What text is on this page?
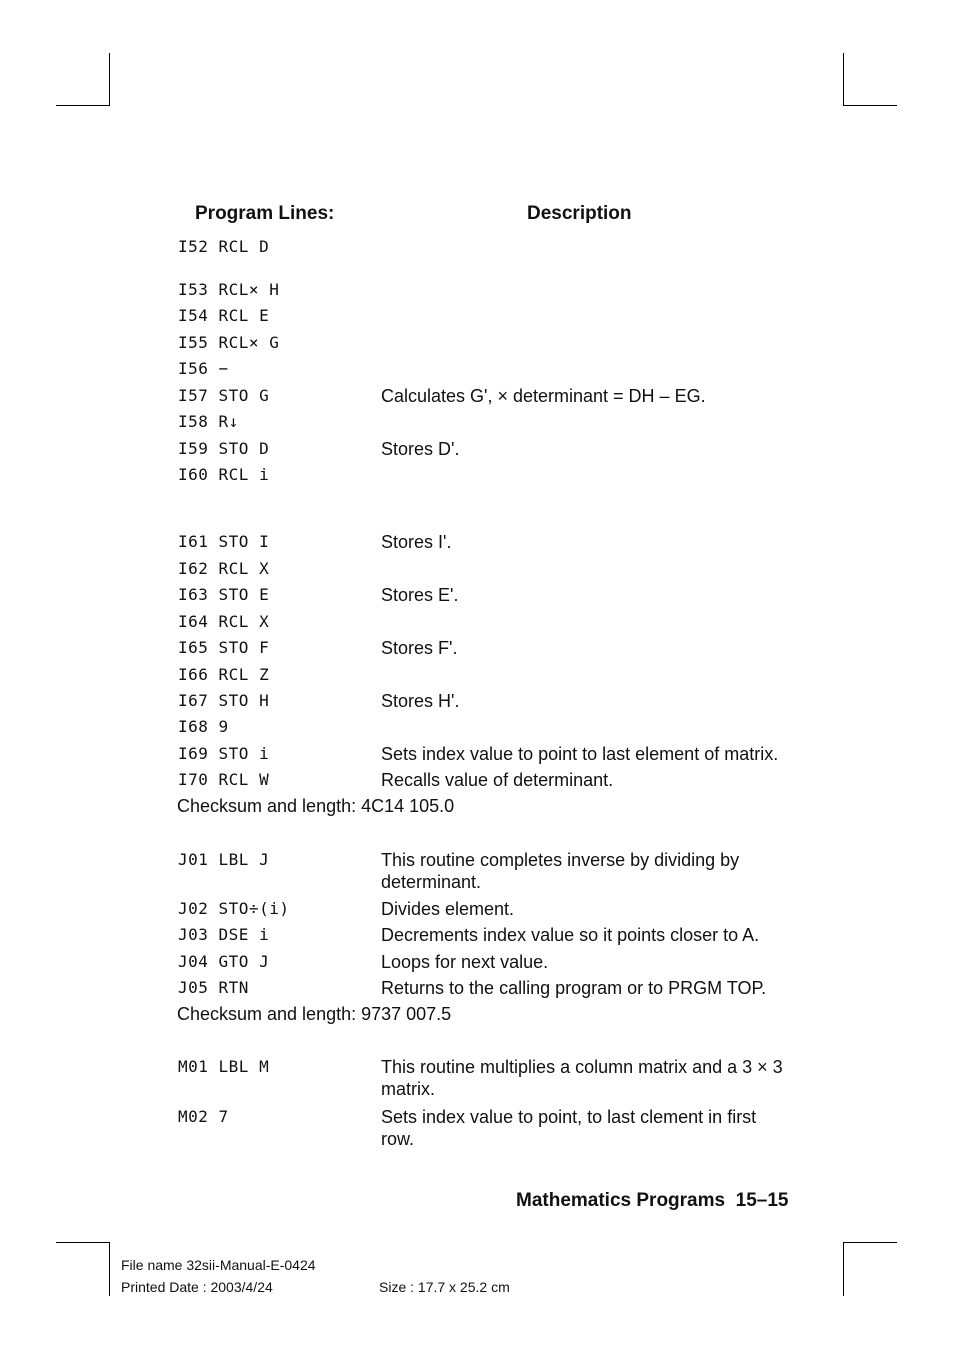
Program Lines:	Description
I52 RCL D
I53 RCL× H
I54 RCL E
I55 RCL× G
I56 −
I57 STO G	Calculates G', × determinant = DH – EG.
I58 R↓
I59 STO D	Stores D'.
I60 RCL i
I61 STO I	Stores I'.
I62 RCL X
I63 STO E	Stores E'.
I64 RCL X
I65 STO F	Stores F'.
I66 RCL Z
I67 STO H	Stores H'.
I68 9
I69 STO i	Sets index value to point to last element of matrix.
I70 RCL W	Recalls value of determinant.
Checksum and length: 4C14 105.0
J01 LBL J	This routine completes inverse by dividing by determinant.
J02 STO÷(i)	Divides element.
J03 DSE i	Decrements index value so it points closer to A.
J04 GTO J	Loops for next value.
J05 RTN	Returns to the calling program or to PRGM TOP.
Checksum and length: 9737 007.5
M01 LBL M	This routine multiplies a column matrix and a 3 × 3 matrix.
M02 7	Sets index value to point, to last clement in first row.
Mathematics Programs  15–15
File name 32sii-Manual-E-0424
Printed Date : 2003/4/24	Size : 17.7 x 25.2 cm
